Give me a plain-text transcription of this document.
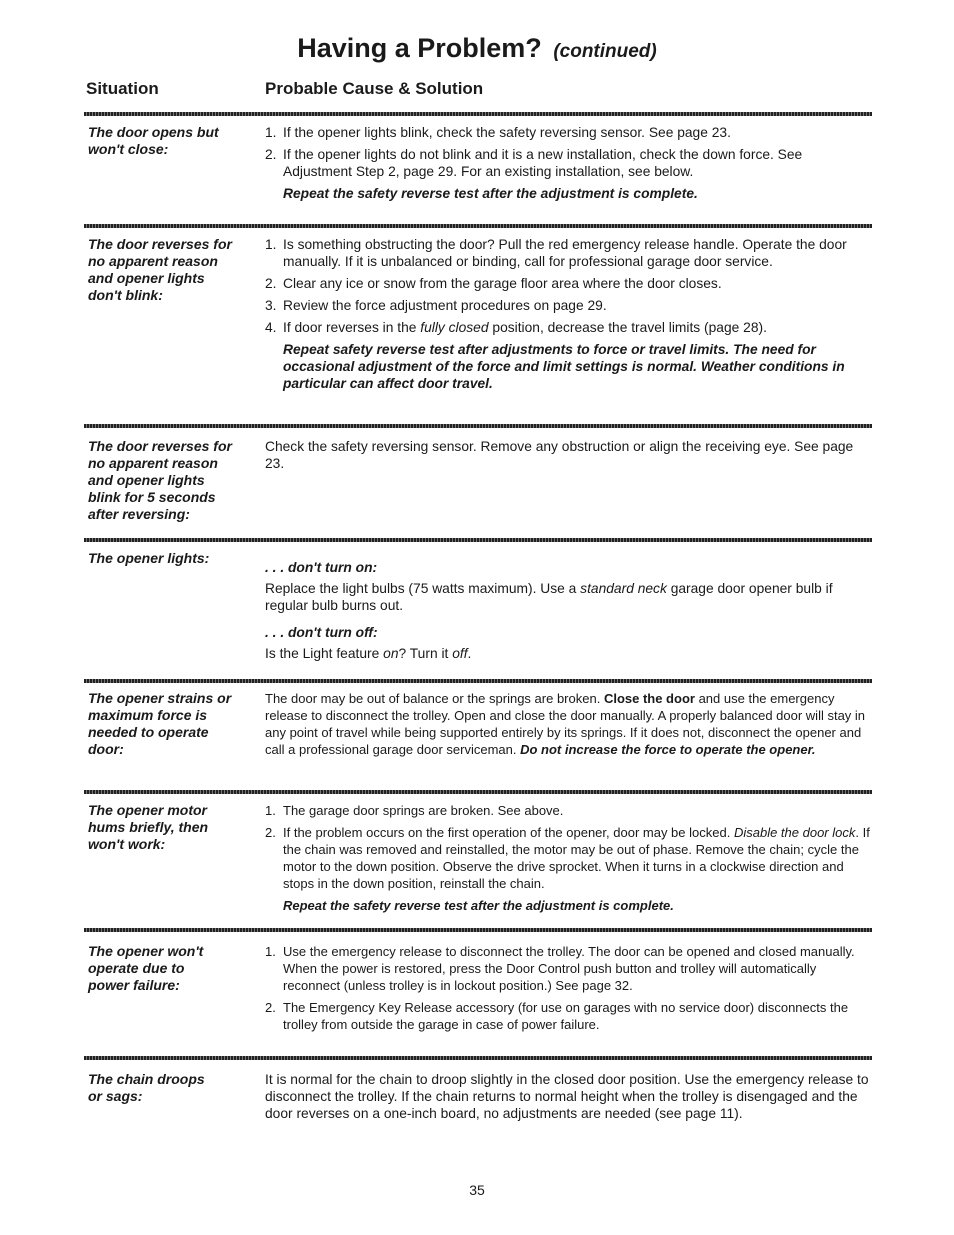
Having a Problem? (continued)
Situation	Probable Cause & Solution
The door opens but
won't close:
1. If the opener lights blink, check the safety reversing sensor. See page 23.
2. If the opener lights do not blink and it is a new installation, check the down force. See Adjustment Step 2, page 29. For an existing installation, see below.
Repeat the safety reverse test after the adjustment is complete.
The door reverses for
no apparent reason
and opener lights
don't blink:
1. Is something obstructing the door? Pull the red emergency release handle. Operate the door manually. If it is unbalanced or binding, call for professional garage door service.
2. Clear any ice or snow from the garage floor area where the door closes.
3. Review the force adjustment procedures on page 29.
4. If door reverses in the fully closed position, decrease the travel limits (page 28).
Repeat safety reverse test after adjustments to force or travel limits. The need for occasional adjustment of the force and limit settings is normal. Weather conditions in particular can affect door travel.
The door reverses for
no apparent reason
and opener lights
blink for 5 seconds
after reversing:
Check the safety reversing sensor. Remove any obstruction or align the receiving eye. See page 23.
The opener lights:
. . . don't turn on:
Replace the light bulbs (75 watts maximum). Use a standard neck garage door opener bulb if regular bulb burns out.
. . . don't turn off:
Is the Light feature on? Turn it off.
The opener strains or
maximum force is
needed to operate
door:
The door may be out of balance or the springs are broken. Close the door and use the emergency release to disconnect the trolley. Open and close the door manually. A properly balanced door will stay in any point of travel while being supported entirely by its springs. If it does not, disconnect the opener and call a professional garage door serviceman. Do not increase the force to operate the opener.
The opener motor
hums briefly, then
won't work:
1. The garage door springs are broken. See above.
2. If the problem occurs on the first operation of the opener, door may be locked. Disable the door lock. If the chain was removed and reinstalled, the motor may be out of phase. Remove the chain; cycle the motor to the down position. Observe the drive sprocket. When it turns in a clockwise direction and stops in the down position, reinstall the chain.
Repeat the safety reverse test after the adjustment is complete.
The opener won't
operate due to
power failure:
1. Use the emergency release to disconnect the trolley. The door can be opened and closed manually. When the power is restored, press the Door Control push button and trolley will automatically reconnect (unless trolley is in lockout position.) See page 32.
2. The Emergency Key Release accessory (for use on garages with no service door) disconnects the trolley from outside the garage in case of power failure.
The chain droops
or sags:
It is normal for the chain to droop slightly in the closed door position. Use the emergency release to disconnect the trolley. If the chain returns to normal height when the trolley is disengaged and the door reverses on a one-inch board, no adjustments are needed (see page 11).
35
